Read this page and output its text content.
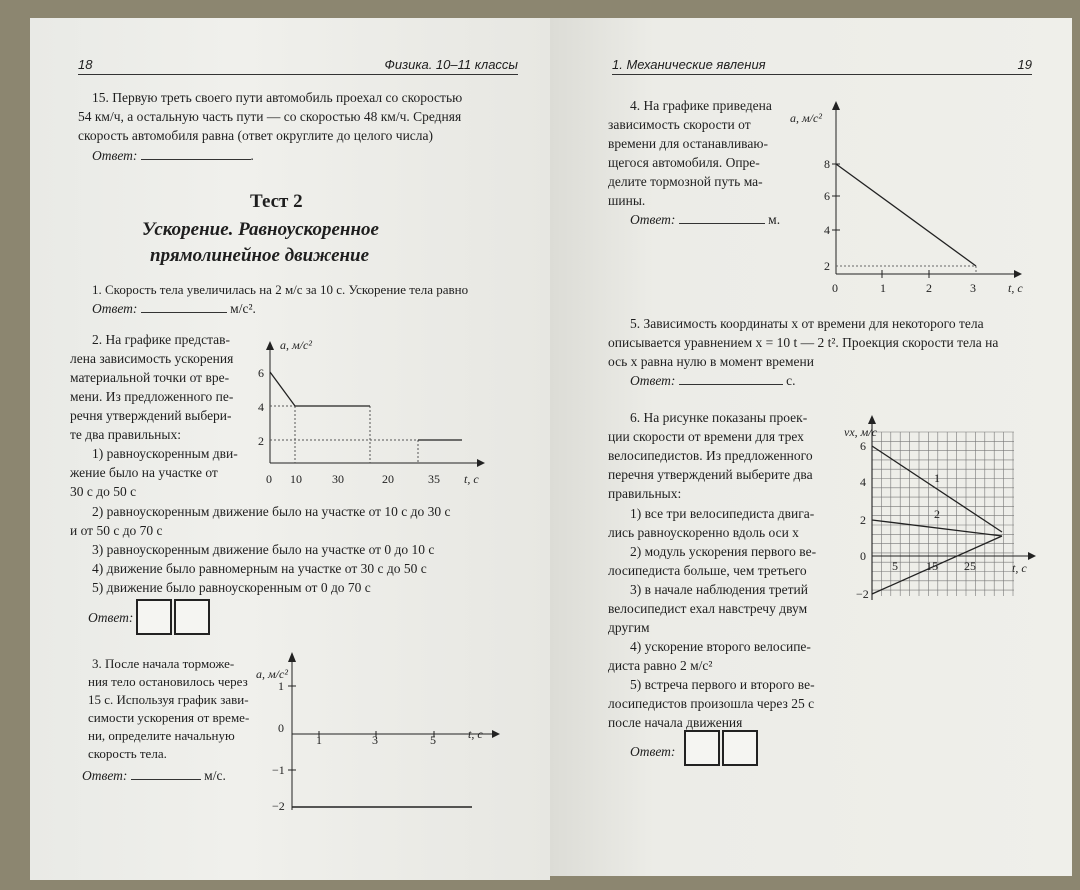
18	Физика. 10–11 классы
15. Первую треть своего пути автомобиль проехал со скоростью
54 км/ч, а остальную часть пути — со скоростью 48 км/ч. Средняя
скорость автомобиля равна (ответ округлите до целого числа)
Ответ:	.
Тест 2
Ускорение. Равноускоренное
прямолинейное движение
1. Скорость тела увеличилась на 2 м/с за 10 с. Ускорение тела равно
Ответ:	м/с².
2. На графике представ-
лена зависимость ускорения
материальной точки от вре-
мени. Из предложенного пе-
речня утверждений выбери-
те два правильных:
1) равноускоренным дви-
жение было на участке от
30 с до 50 с
2) равноускоренным движение было на участке от 10 с до 30 с
и от 50 с до 70 с
3) равноускоренным движение было на участке от 0 до 10 с
4) движение было равномерным на участке от 30 с до 50 с
5) движение было равноускоренным от 0 до 70 с
Ответ:
3. После начала торможе-
ния тело остановилось через
15 с. Используя график зави-
симости ускорения от време-
ни, определите начальную
скорость тела.
Ответ:	м/с.
a, м/с²
t, с
0 10	30	20	35
6
4
2
a, м/с²
t, с
1
0
−1
−2
1	3	5
1. Механические явления	19
4. На графике приведена
зависимость скорости от
времени для останавливаю-
щегося автомобиля. Опре-
делите тормозной путь ма-
шины.
Ответ:	м.
a, м/с²
t, с
0	1	2	3
8
6
4
2
5. Зависимость координаты x от времени для некоторого тела
описывается уравнением x = 10 t — 2 t². Проекция скорости тела на
ось x равна нулю в момент времени
Ответ:	с.
6. На рисунке показаны проек-
ции скорости от времени для трех
велосипедистов. Из предложенного
перечня утверждений выберите два
правильных:
1) все три велосипедиста двига-
лись равноускоренно вдоль оси x
2) модуль ускорения первого ве-
лосипедиста больше, чем третьего
3) в начале наблюдения третий
велосипедист ехал навстречу двум
другим
4) ускорение второго велосипе-
диста равно 2 м/с²
5) встреча первого и второго ве-
лосипедистов произошла через 25 с
после начала движения
Ответ:
vx, м/с
t, с
6
4
2
0
−2
5 15 25
1
2
